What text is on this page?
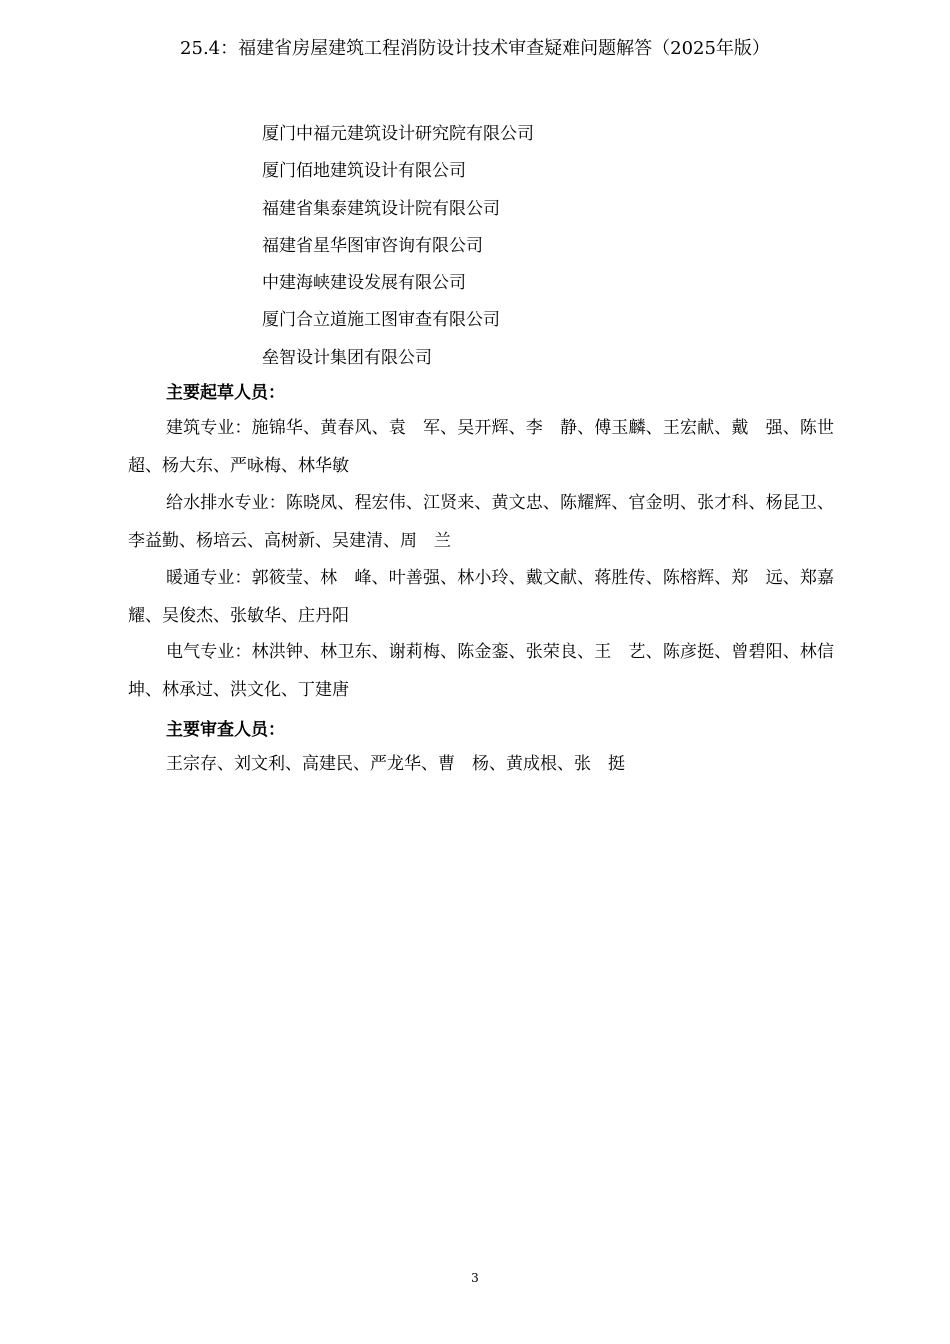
25.4：福建省房屋建筑工程消防设计技术审查疑难问题解答（2025年版）
厦门中福元建筑设计研究院有限公司
厦门佰地建筑设计有限公司
福建省集泰建筑设计院有限公司
福建省星华图审咨询有限公司
中建海峡建设发展有限公司
厦门合立道施工图审查有限公司
垒智设计集团有限公司
主要起草人员：
建筑专业：施锦华、黄春风、袁　军、吴开辉、李　静、傅玉麟、王宏献、戴　强、陈世超、杨大东、严咏梅、林华敏
给水排水专业：陈晓凤、程宏伟、江贤来、黄文忠、陈耀辉、官金明、张才科、杨昆卫、李益勤、杨培云、高树新、吴建清、周　兰
暖通专业：郭筱莹、林　峰、叶善强、林小玲、戴文献、蒋胜传、陈榕辉、郑　远、郑嘉耀、吴俊杰、张敏华、庄丹阳
电气专业：林洪钟、林卫东、谢莉梅、陈金銮、张荣良、王　艺、陈彦挺、曾碧阳、林信坤、林承过、洪文化、丁建唐
主要审查人员：
王宗存、刘文利、高建民、严龙华、曹　杨、黄成根、张　挺
3
